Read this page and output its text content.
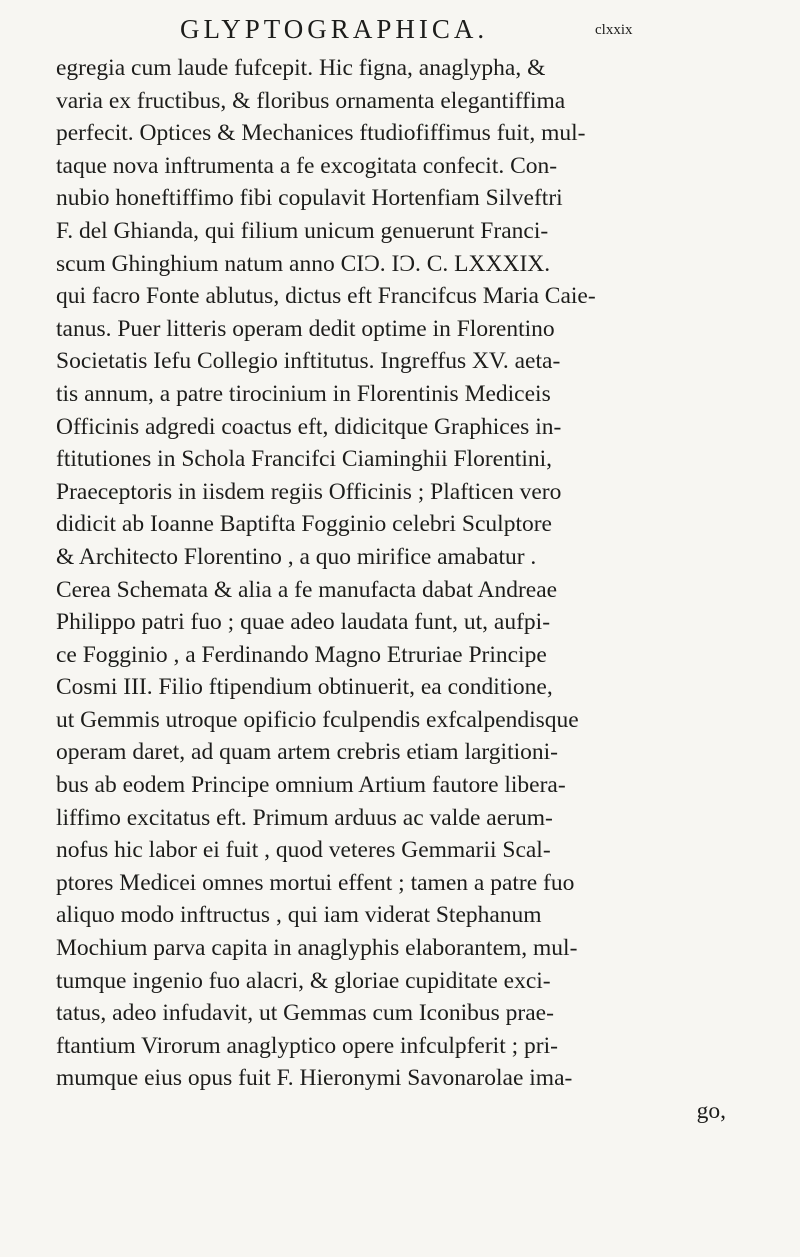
GLYPTOGRAPHICA.	clxxix
egregia cum laude fufcepit. Hic figna, anaglypha, &
varia ex fructibus, & floribus ornamenta elegantiffima
perfecit. Optices & Mechanices ftudiofiffimus fuit, mul-
taque nova inftrumenta a fe excogitata confecit. Con-
nubio honeftiffimo fibi copulavit Hortenfiam Silveftri
F. del Ghianda, qui filium unicum genuerunt Franci-
scum Ghinghium natum anno CIϽ. IϽ. C. LXXXIX.
qui facro Fonte ablutus, dictus eft Francifcus Maria Caie-
tanus. Puer litteris operam dedit optime in Florentino
Societatis Iefu Collegio inftitutus. Ingreffus XV. aeta-
tis annum, a patre tirocinium in Florentinis Mediceis
Officinis adgredi coactus eft, didicitque Graphices in-
ftitutiones in Schola Francifci Ciaminghii Florentini,
Praeceptoris in iisdem regiis Officinis ; Plafticen vero
didicit ab Ioanne Baptifta Fogginio celebri Sculptore
& Architecto Florentino , a quo mirifice amabatur .
Cerea Schemata & alia a fe manufacta dabat Andreae
Philippo patri fuo ; quae adeo laudata funt, ut, aufpi-
ce Fogginio , a Ferdinando Magno Etruriae Principe
Cosmi III. Filio ftipendium obtinuerit, ea conditione,
ut Gemmis utroque opificio fculpendis exfcalpendisque
operam daret, ad quam artem crebris etiam largitioni-
bus ab eodem Principe omnium Artium fautore libera-
liffimo excitatus eft. Primum arduus ac valde aerum-
nofus hic labor ei fuit , quod veteres Gemmarii Scal-
ptores Medicei omnes mortui effent ; tamen a patre fuo
aliquo modo inftructus , qui iam viderat Stephanum
Mochium parva capita in anaglyphis elaborantem, mul-
tumque ingenio fuo alacri, & gloriae cupiditate exci-
tatus, adeo infudavit, ut Gemmas cum Iconibus prae-
ftantium Virorum anaglyptico opere infculpferit ; pri-
mumque eius opus fuit F. Hieronymi Savonarolae ima-
go,
